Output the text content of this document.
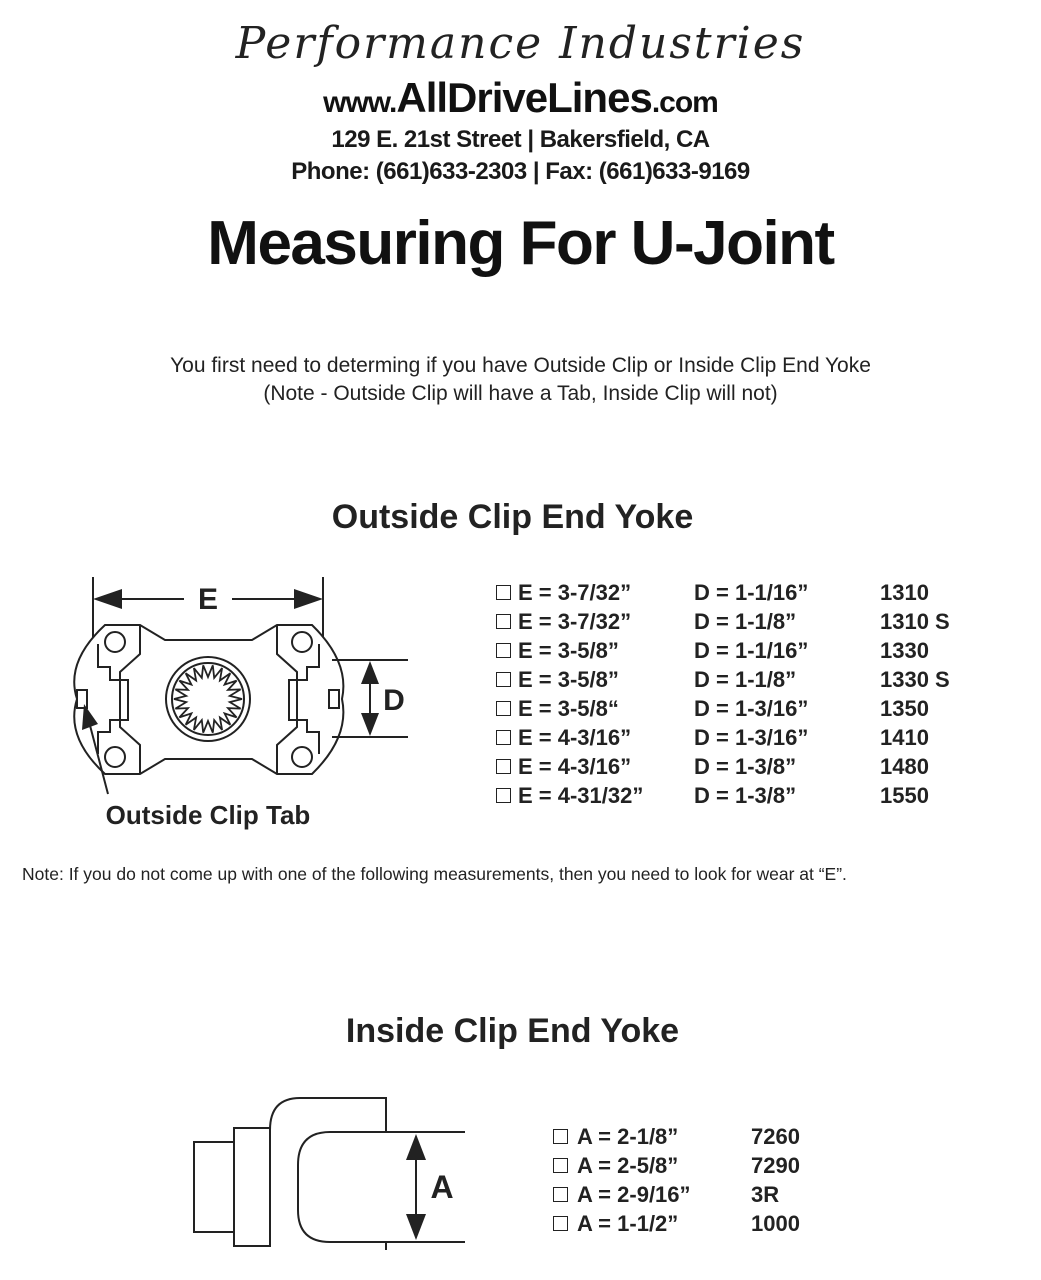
Performance Industries
www.AllDriveLines.com
129 E. 21st Street | Bakersfield, CA
Phone: (661)633-2303 | Fax: (661)633-9169
Measuring For U-Joint
You first need to determing if you have Outside Clip or Inside Clip End Yoke
(Note - Outside Clip will have a Tab, Inside Clip will not)
Outside Clip End Yoke
E
D
Outside Clip Tab
E = 3-7/32”	D = 1-1/16”	1310
E = 3-7/32”	D = 1-1/8”	1310 S
E = 3-5/8”	D = 1-1/16”	1330
E = 3-5/8”	D = 1-1/8”	1330 S
E = 3-5/8“	D = 1-3/16”	1350
E = 4-3/16”	D = 1-3/16”	1410
E = 4-3/16”	D = 1-3/8”	1480
E = 4-31/32” D = 1-3/8”	1550
Note: If you do not come up with one of the following measurements, then you need to look for wear at “E”.
Inside Clip End Yoke
A
A = 2-1/8”	7260
A = 2-5/8”	7290
A = 2-9/16”	3R
A = 1-1/2”	1000
